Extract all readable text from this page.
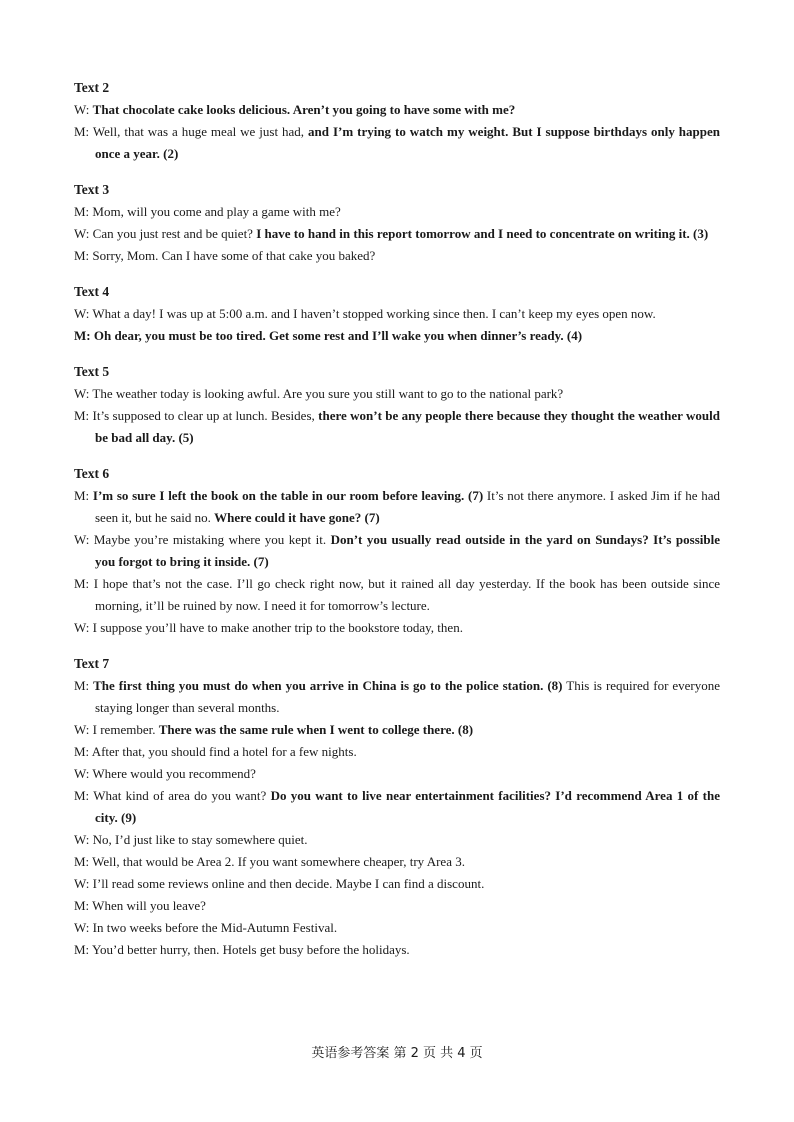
Text 2
W: That chocolate cake looks delicious. Aren’t you going to have some with me?
M: Well, that was a huge meal we just had, and I’m trying to watch my weight. But I suppose birthdays only happen once a year. (2)
Text 3
M: Mom, will you come and play a game with me?
W: Can you just rest and be quiet? I have to hand in this report tomorrow and I need to concentrate on writing it. (3)
M: Sorry, Mom. Can I have some of that cake you baked?
Text 4
W: What a day! I was up at 5:00 a.m. and I haven’t stopped working since then. I can’t keep my eyes open now.
M: Oh dear, you must be too tired. Get some rest and I’ll wake you when dinner’s ready. (4)
Text 5
W: The weather today is looking awful. Are you sure you still want to go to the national park?
M: It’s supposed to clear up at lunch. Besides, there won’t be any people there because they thought the weather would be bad all day. (5)
Text 6
M: I’m so sure I left the book on the table in our room before leaving. (7) It’s not there anymore. I asked Jim if he had seen it, but he said no. Where could it have gone? (7)
W: Maybe you’re mistaking where you kept it. Don’t you usually read outside in the yard on Sundays? It’s possible you forgot to bring it inside. (7)
M: I hope that’s not the case. I’ll go check right now, but it rained all day yesterday. If the book has been outside since morning, it’ll be ruined by now. I need it for tomorrow’s lecture.
W: I suppose you’ll have to make another trip to the bookstore today, then.
Text 7
M: The first thing you must do when you arrive in China is go to the police station. (8) This is required for everyone staying longer than several months.
W: I remember. There was the same rule when I went to college there. (8)
M: After that, you should find a hotel for a few nights.
W: Where would you recommend?
M: What kind of area do you want? Do you want to live near entertainment facilities? I’d recommend Area 1 of the city. (9)
W: No, I’d just like to stay somewhere quiet.
M: Well, that would be Area 2. If you want somewhere cheaper, try Area 3.
W: I’ll read some reviews online and then decide. Maybe I can find a discount.
M: When will you leave?
W: In two weeks before the Mid-Autumn Festival.
M: You’d better hurry, then. Hotels get busy before the holidays.
英语参考答案 第 2 页 共 4 页
